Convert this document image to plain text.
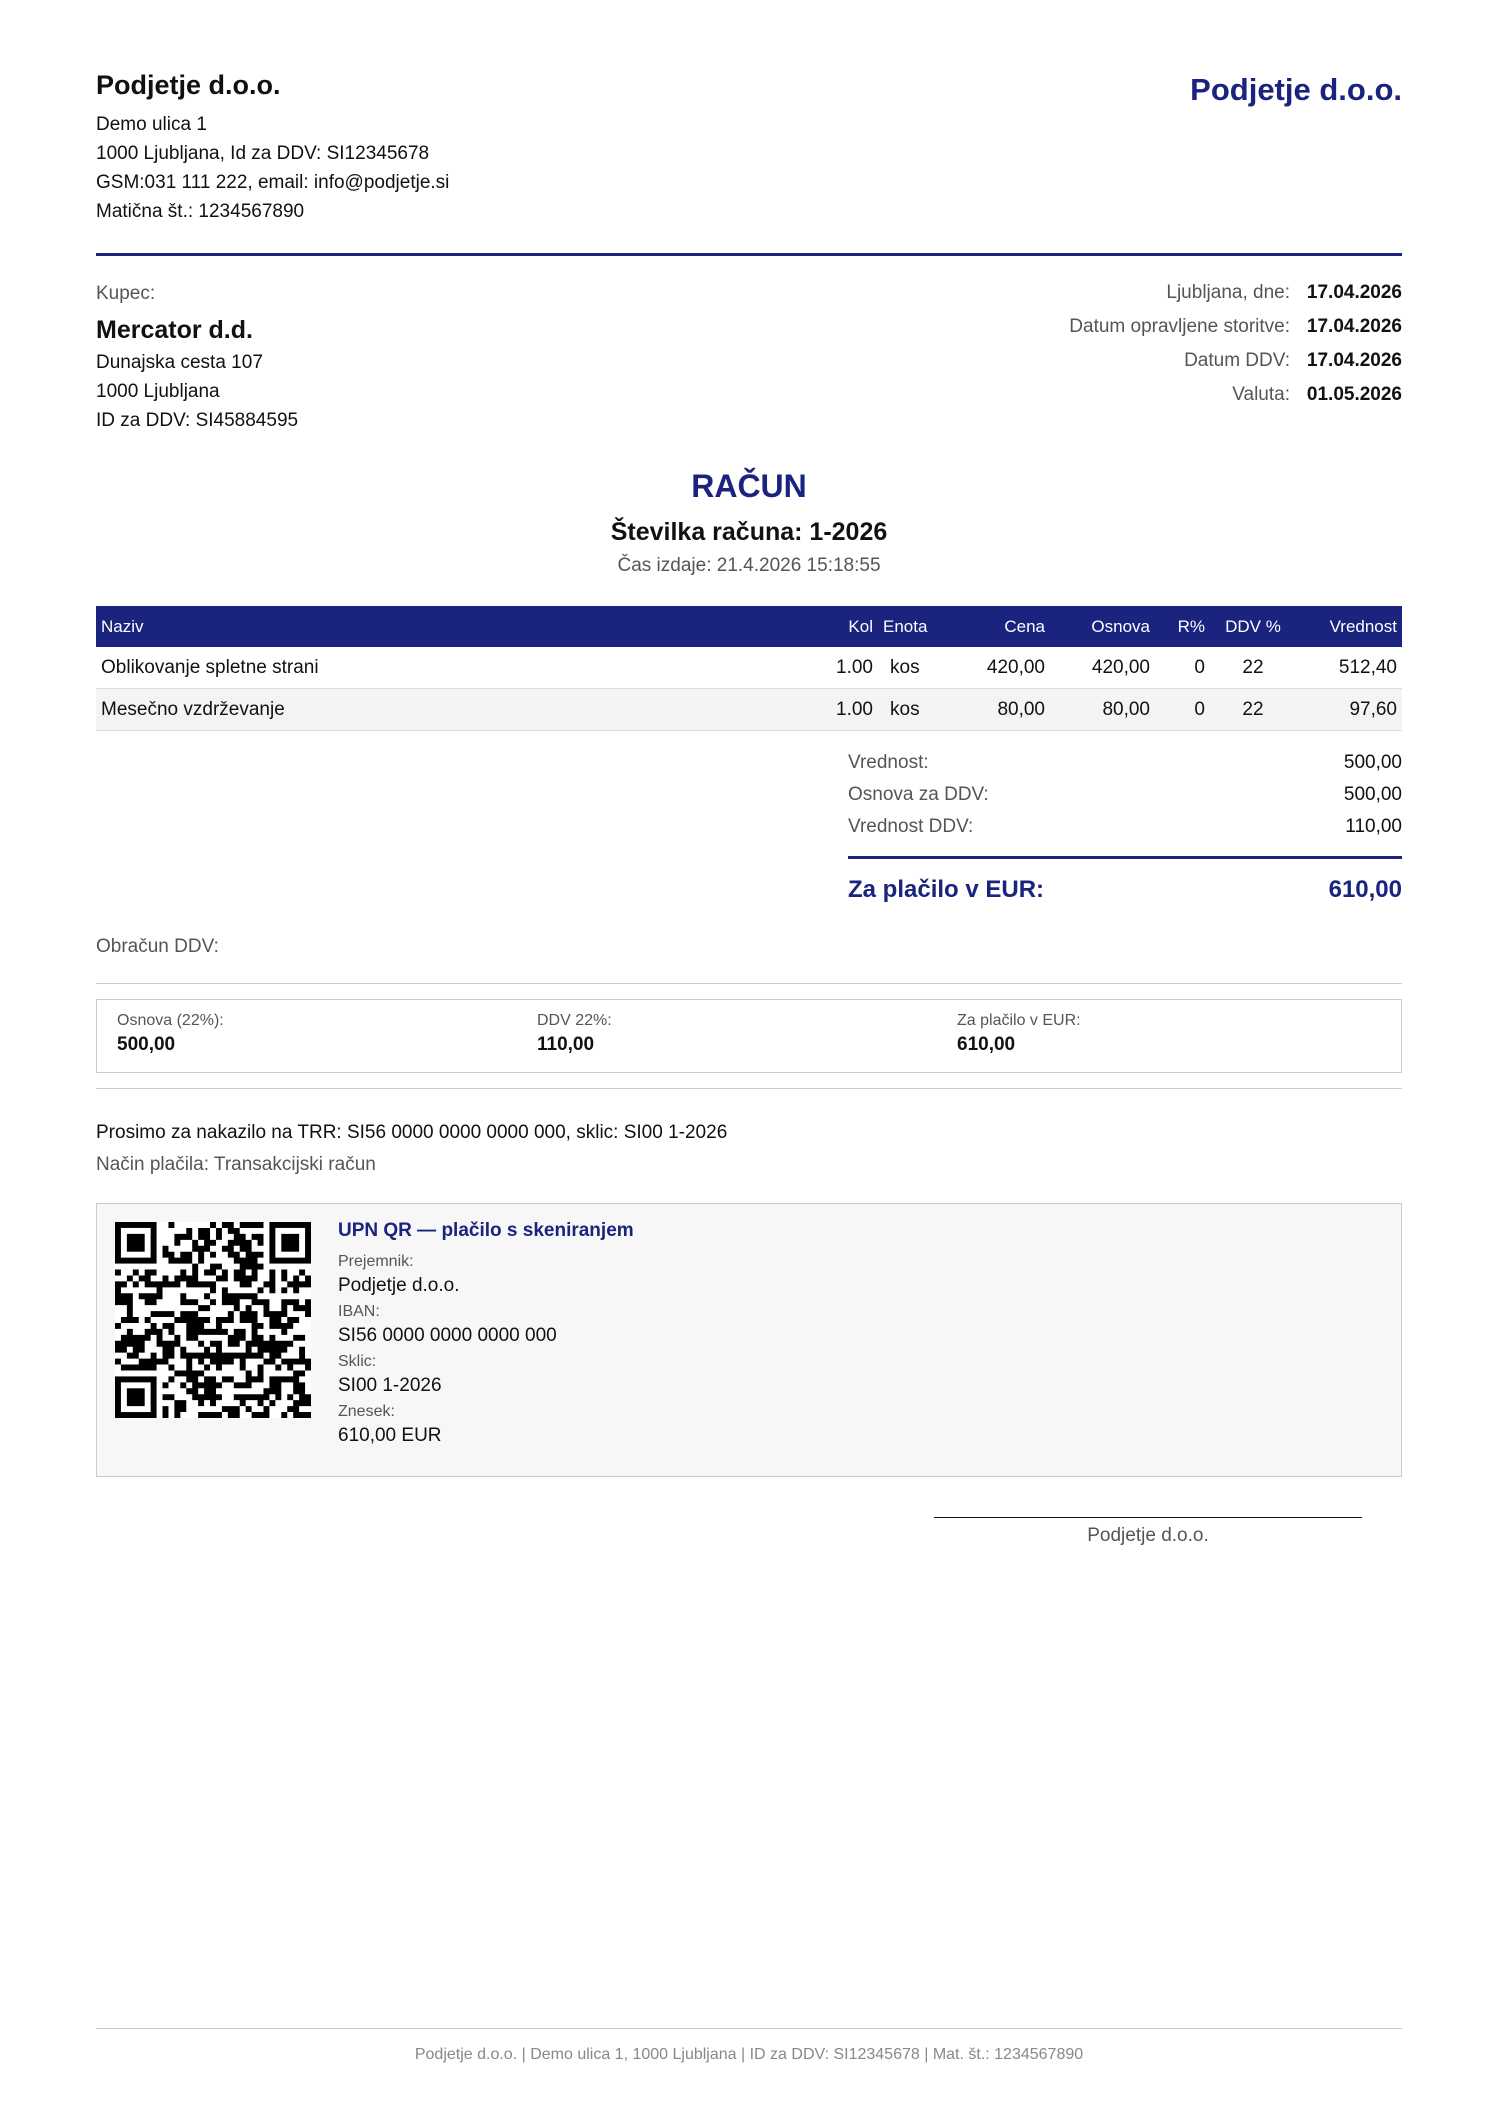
Podjetje d.o.o.
Demo ulica 1
1000 Ljubljana, Id za DDV: SI12345678
GSM:031 111 222, email: info@podjetje.si
Matična št.: 1234567890
Podjetje d.o.o.
Kupec:
Mercator d.d.
Dunajska cesta 107
1000 Ljubljana
ID za DDV: SI45884595
Ljubljana, dne: 17.04.2026
Datum opravljene storitve: 17.04.2026
Datum DDV: 17.04.2026
Valuta: 01.05.2026
RAČUN
Številka računa: 1-2026
Čas izdaje: 21.4.2026 15:18:55
Naziv	Kol	Enota	Cena	Osnova	R%	DDV %	Vrednost
Oblikovanje spletne strani	1.00	kos	420,00	420,00	0	22	512,40
Mesečno vzdrževanje	1.00	kos	80,00	80,00	0	22	97,60
Vrednost:	500,00
Osnova za DDV:	500,00
Vrednost DDV:	110,00
Za plačilo v EUR:	610,00
Obračun DDV:
Osnova (22%):
500,00
DDV 22%:
110,00
Za plačilo v EUR:
610,00
Prosimo za nakazilo na TRR: SI56 0000 0000 0000 000, sklic: SI00 1-2026
Način plačila: Transakcijski račun
UPN QR — plačilo s skeniranjem
Prejemnik:
Podjetje d.o.o.
IBAN:
SI56 0000 0000 0000 000
Sklic:
SI00 1-2026
Znesek:
610,00 EUR
Podjetje d.o.o.
Podjetje d.o.o. | Demo ulica 1, 1000 Ljubljana | ID za DDV: SI12345678 | Mat. št.: 1234567890
